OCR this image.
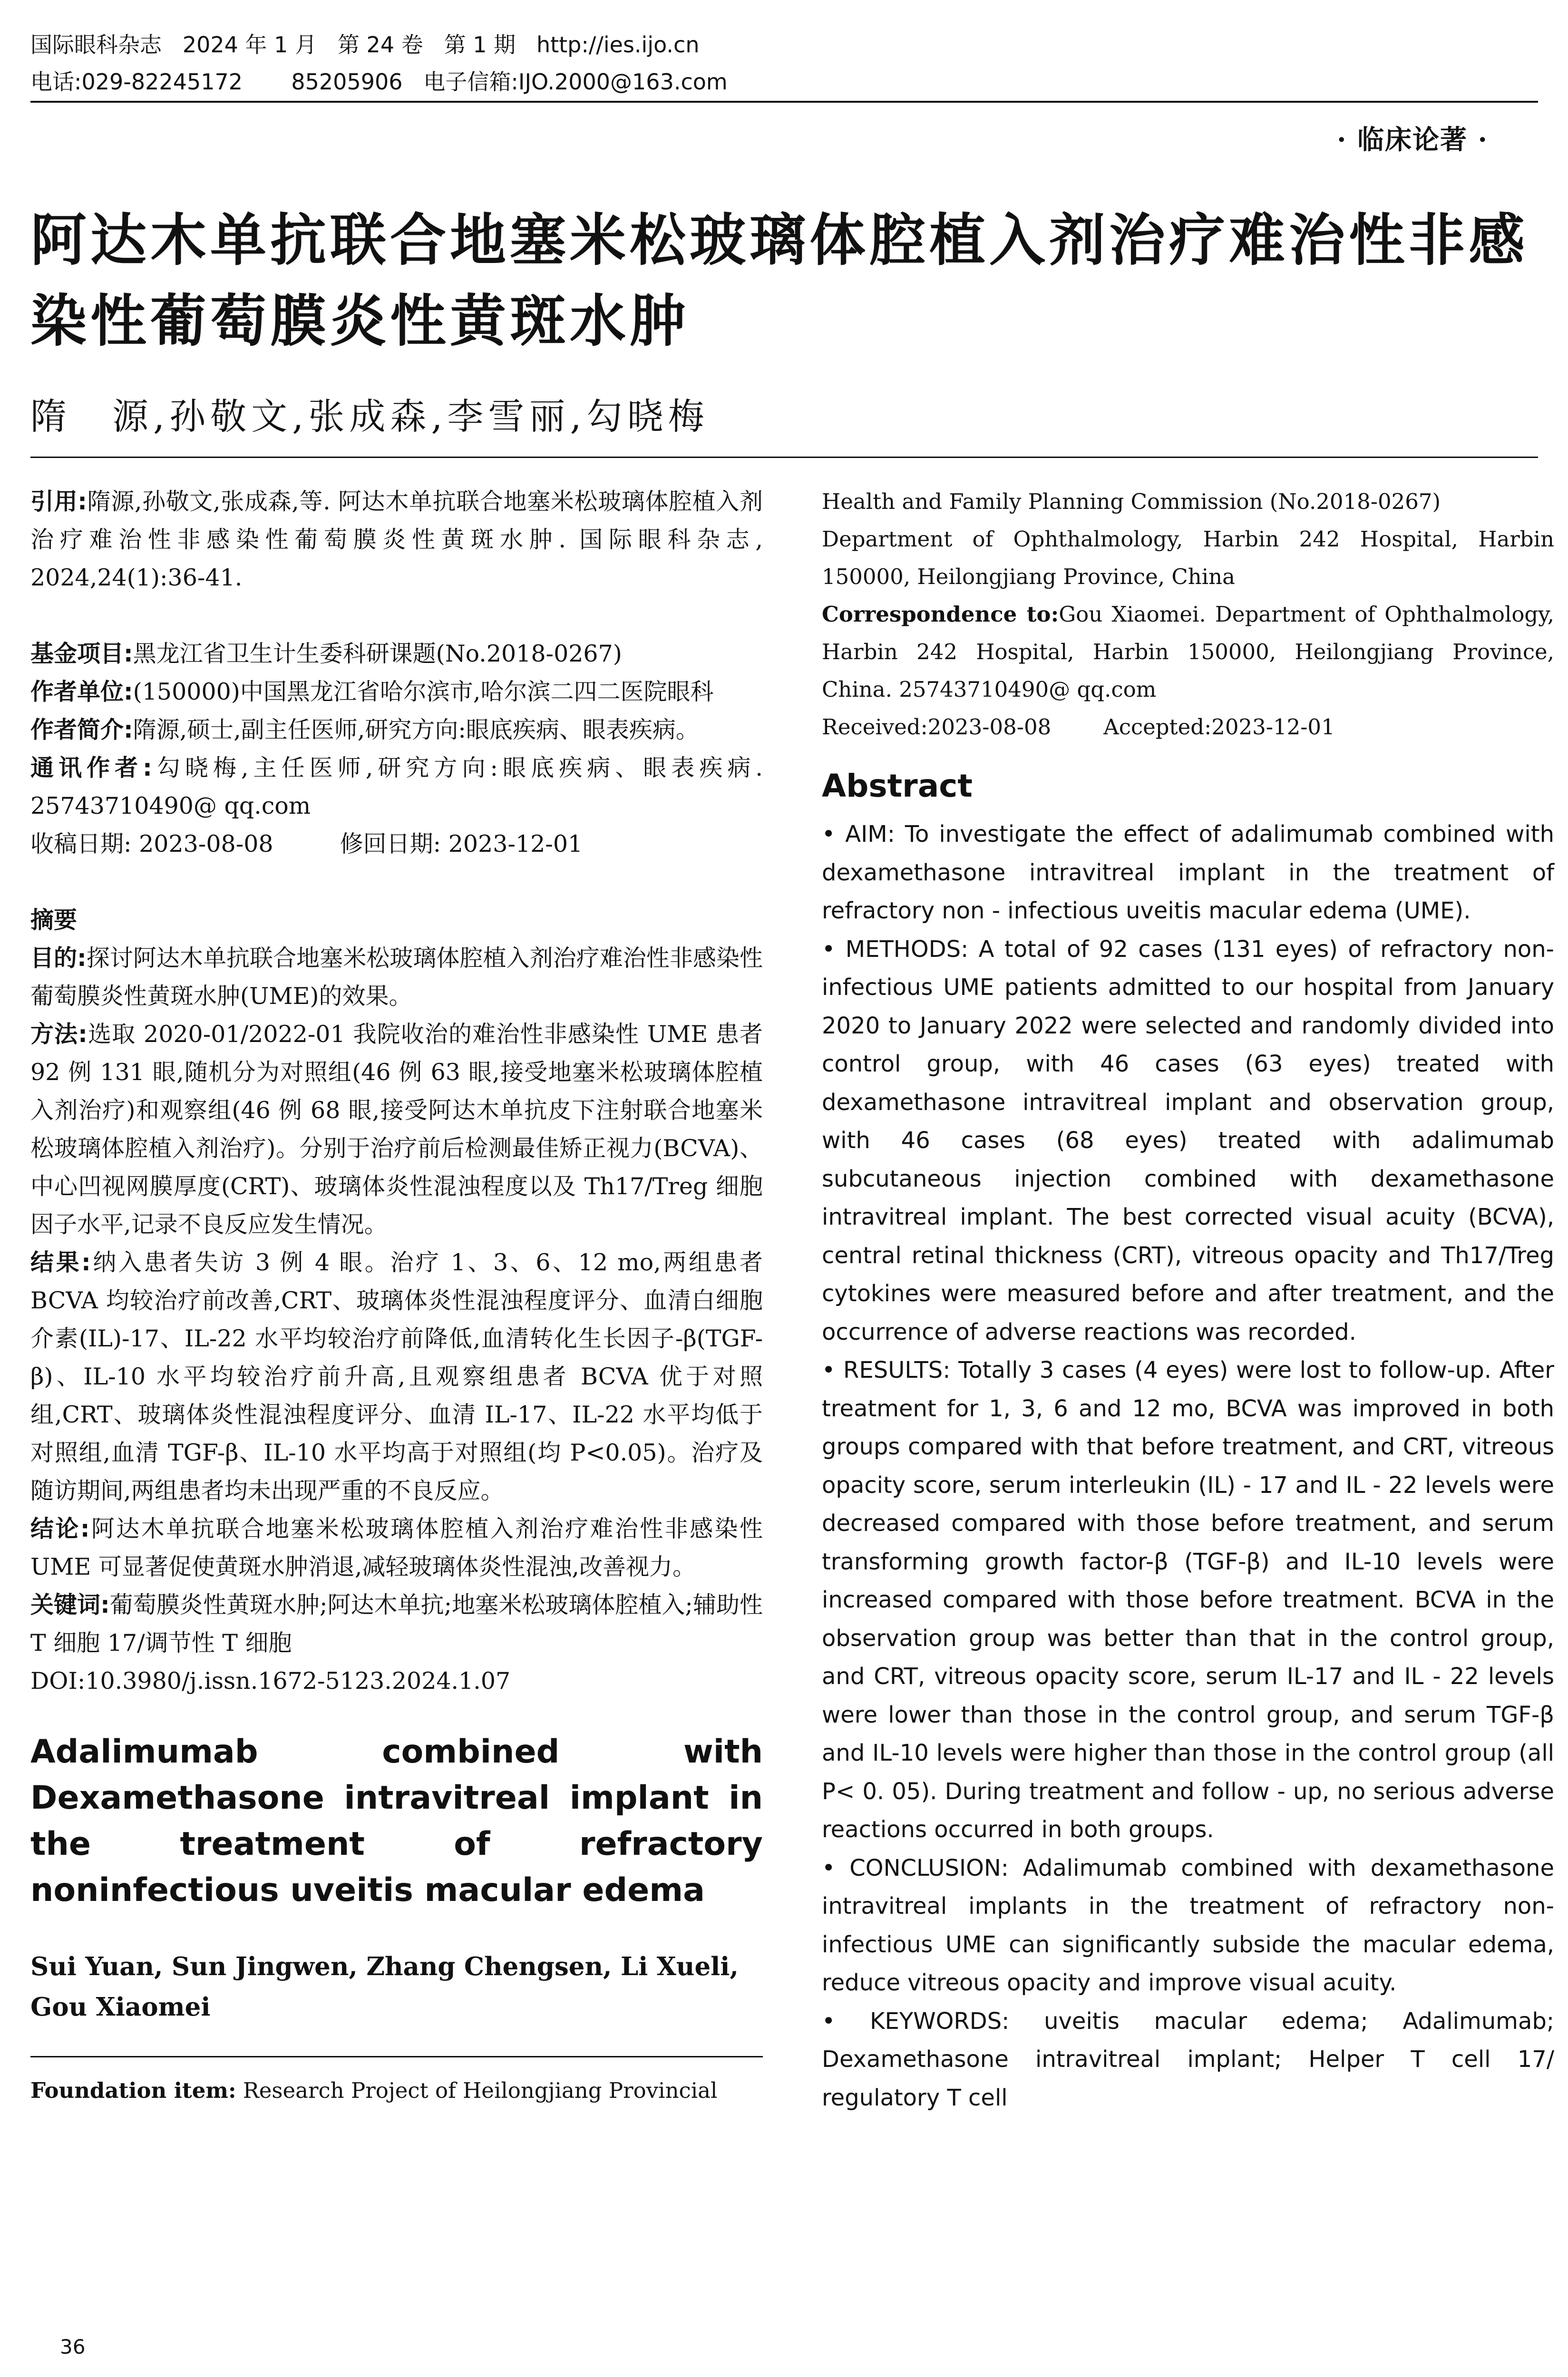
国际眼科杂志   2024 年 1 月   第 24 卷   第 1 期   http://ies.ijo.cn
电话:029-82245172       85205906   电子信箱:IJO.2000@163.com
· 临床论著 ·
阿达木单抗联合地塞米松玻璃体腔植入剂治疗难治性非感染性葡萄膜炎性黄斑水肿
隋　源,孙敬文,张成森,李雪丽,勾晓梅

引用:隋源,孙敬文,张成森,等. 阿达木单抗联合地塞米松玻璃体腔植入剂治疗难治性非感染性葡萄膜炎性黄斑水肿. 国际眼科杂志, 2024,24(1):36-41.

基金项目:黑龙江省卫生计生委科研课题(No.2018-0267)

作者单位:(150000)中国黑龙江省哈尔滨市,哈尔滨二四二医院眼科

作者简介:隋源,硕士,副主任医师,研究方向:眼底疾病、眼表疾病。

通讯作者:勾晓梅,主任医师,研究方向:眼底疾病、眼表疾病. 25743710490@ qq.com

收稿日期: 2023-08-08	修回日期: 2023-12-01

摘要

目的:探讨阿达木单抗联合地塞米松玻璃体腔植入剂治疗难治性非感染性葡萄膜炎性黄斑水肿(UME)的效果。

方法:选取 2020-01/2022-01 我院收治的难治性非感染性 UME 患者 92 例 131 眼,随机分为对照组(46 例 63 眼,接受地塞米松玻璃体腔植入剂治疗)和观察组(46 例 68 眼,接受阿达木单抗皮下注射联合地塞米松玻璃体腔植入剂治疗)。分别于治疗前后检测最佳矫正视力(BCVA)、中心凹视网膜厚度(CRT)、玻璃体炎性混浊程度以及 Th17/Treg 细胞因子水平,记录不良反应发生情况。

结果:纳入患者失访 3 例 4 眼。治疗 1、3、6、12 mo,两组患者 BCVA 均较治疗前改善,CRT、玻璃体炎性混浊程度评分、血清白细胞介素(IL)-17、IL-22 水平均较治疗前降低,血清转化生长因子-β(TGF-β)、IL-10 水平均较治疗前升高,且观察组患者 BCVA 优于对照组,CRT、玻璃体炎性混浊程度评分、血清 IL-17、IL-22 水平均低于对照组,血清 TGF-β、IL-10 水平均高于对照组(均 P<0.05)。治疗及随访期间,两组患者均未出现严重的不良反应。

结论:阿达木单抗联合地塞米松玻璃体腔植入剂治疗难治性非感染性 UME 可显著促使黄斑水肿消退,减轻玻璃体炎性混浊,改善视力。

关键词:葡萄膜炎性黄斑水肿;阿达木单抗;地塞米松玻璃体腔植入;辅助性 T 细胞 17/调节性 T 细胞

DOI:10.3980/j.issn.1672-5123.2024.1.07

Adalimumab combined with Dexamethasone intravitreal implant in the treatment of refractory noninfectious uveitis macular edema
Sui Yuan, Sun Jingwen, Zhang Chengsen, Li Xueli, Gou Xiaomei

Foundation item: Research Project of Heilongjiang Provincial

Health and Family Planning Commission (No.2018-0267)

Department of Ophthalmology, Harbin 242 Hospital, Harbin 150000, Heilongjiang Province, China

Correspondence to:Gou Xiaomei. Department of Ophthalmology, Harbin 242 Hospital, Harbin 150000, Heilongjiang Province, China. 25743710490@ qq.com

Received:2023-08-08 Accepted:2023-12-01

Abstract

• AIM: To investigate the effect of adalimumab combined with dexamethasone intravitreal implant in the treatment of refractory non - infectious uveitis macular edema (UME).

• METHODS: A total of 92 cases (131 eyes) of refractory non-infectious UME patients admitted to our hospital from January 2020 to January 2022 were selected and randomly divided into control group, with 46 cases (63 eyes) treated with dexamethasone intravitreal implant and observation group, with 46 cases (68 eyes) treated with adalimumab subcutaneous injection combined with dexamethasone intravitreal implant. The best corrected visual acuity (BCVA), central retinal thickness (CRT), vitreous opacity and Th17/Treg cytokines were measured before and after treatment, and the occurrence of adverse reactions was recorded.

• RESULTS: Totally 3 cases (4 eyes) were lost to follow-up. After treatment for 1, 3, 6 and 12 mo, BCVA was improved in both groups compared with that before treatment, and CRT, vitreous opacity score, serum interleukin (IL) - 17 and IL - 22 levels were decreased compared with those before treatment, and serum transforming growth factor-β (TGF-β) and IL-10 levels were increased compared with those before treatment. BCVA in the observation group was better than that in the control group, and CRT, vitreous opacity score, serum IL-17 and IL - 22 levels were lower than those in the control group, and serum TGF-β and IL-10 levels were higher than those in the control group (all P< 0. 05). During treatment and follow - up, no serious adverse reactions occurred in both groups.

• CONCLUSION: Adalimumab combined with dexamethasone intravitreal implants in the treatment of refractory non-infectious UME can significantly subside the macular edema, reduce vitreous opacity and improve visual acuity.

• KEYWORDS: uveitis macular edema; Adalimumab; Dexamethasone intravitreal implant; Helper T cell 17/ regulatory T cell

36
